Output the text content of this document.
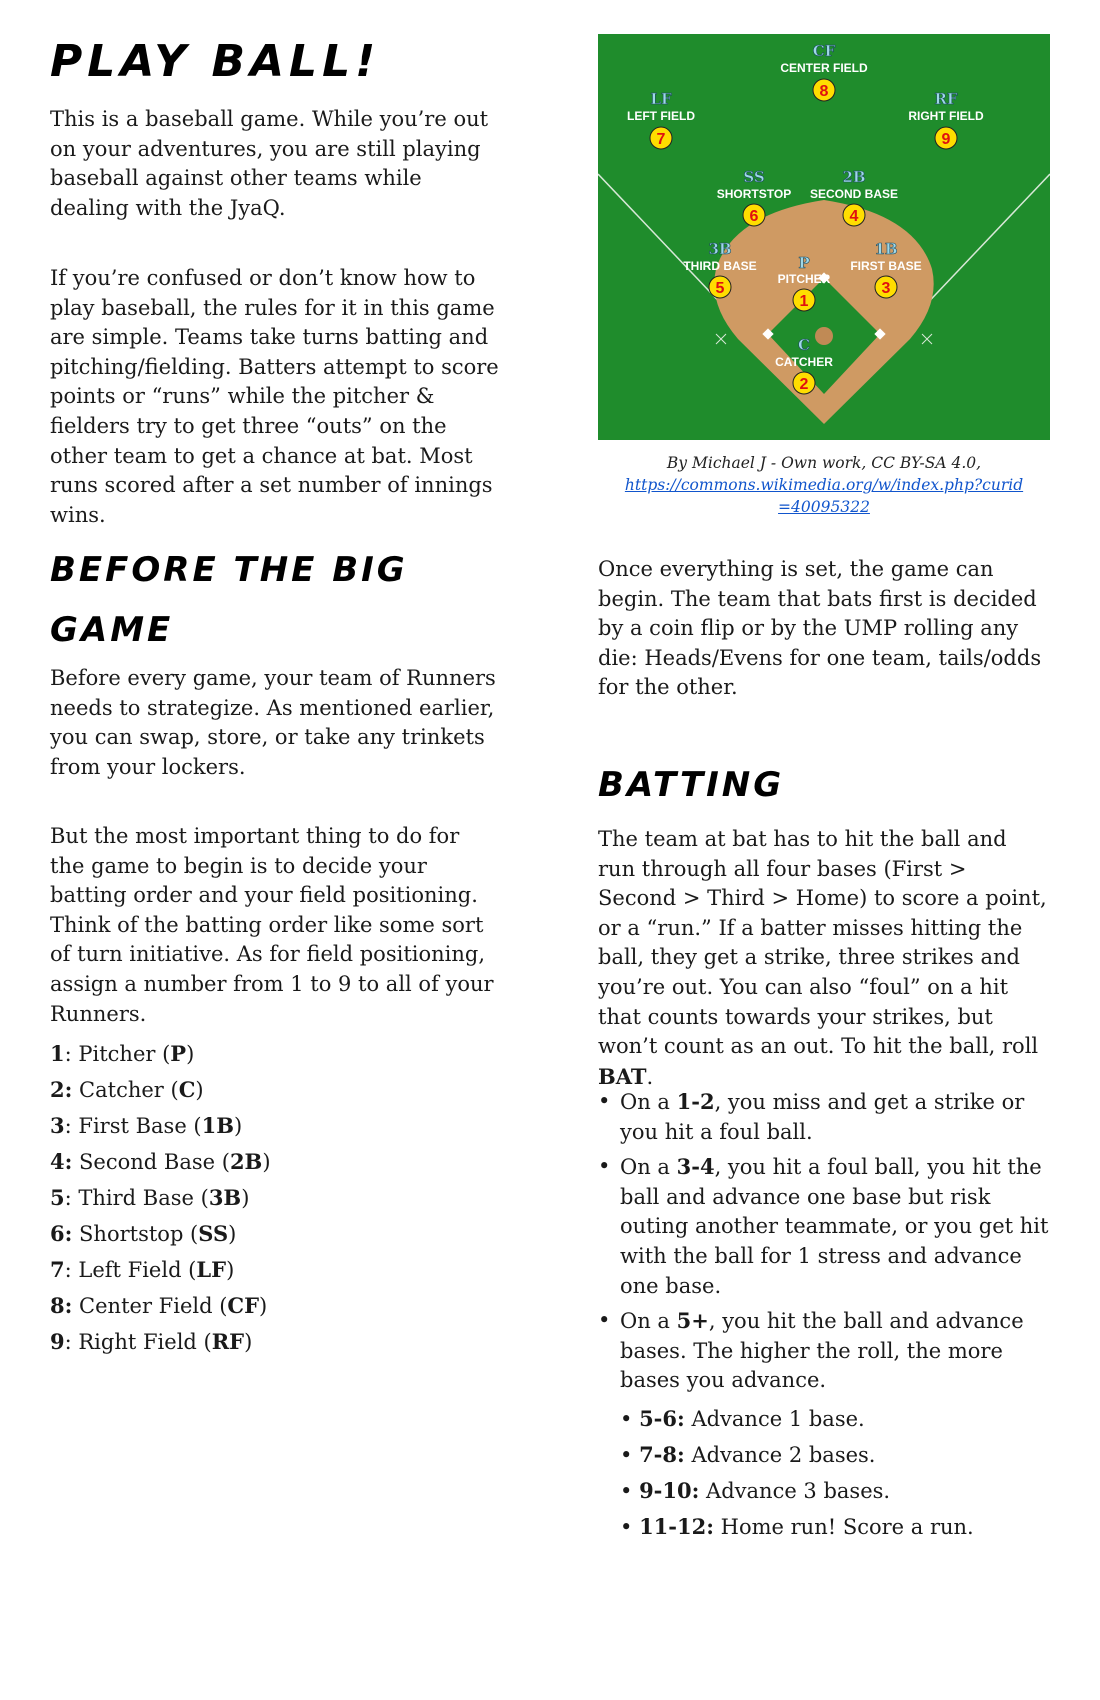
PLAY BALL!

This is a baseball game. While you’re out on your adventures, you are still playing baseball against other teams while dealing with the JyaQ.

If you’re confused or don’t know how to play baseball, the rules for it in this game are simple. Teams take turns batting and pitching/fielding. Batters attempt to score points or “runs” while the pitcher & fielders try to get three “outs” on the other team to get a chance at bat. Most runs scored after a set number of innings wins.

BEFORE THE BIG GAME

Before every game, your team of Runners needs to strategize. As mentioned earlier, you can swap, store, or take any trinkets from your lockers.

But the most important thing to do for the game to begin is to decide your batting order and your field positioning. Think of the batting order like some sort of turn initiative. As for field positioning, assign a number from 1 to 9 to all of your Runners.

1: Pitcher (P)
2: Catcher (C)
3: First Base (1B)
4: Second Base (2B)
5: Third Base (3B)
6: Shortstop (SS)
7: Left Field (LF)
8: Center Field (CF)
9: Right Field (RF)
CF
CENTER FIELD
8
LF
LEFT FIELD
7
RF
RIGHT FIELD
9
SS
SHORTSTOP
6
2B
SECOND BASE
4
3B
THIRD BASE
5
P
PITCHER
1
1B
FIRST BASE
3
C
CATCHER
2
By Michael J - Own work, CC BY-SA 4.0,
https://commons.wikimedia.org/w/index.php?curid
=40095322

Once everything is set, the game can begin. The team that bats first is decided by a coin flip or by the UMP rolling any die: Heads/Evens for one team, tails/odds for the other.

BATTING

The team at bat has to hit the ball and run through all four bases (First > Second > Third > Home) to score a point, or a “run.” If a batter misses hitting the ball, they get a strike, three strikes and you’re out. You can also “foul” on a hit that counts towards your strikes, but won’t count as an out. To hit the ball, roll BAT.

• On a 1-2, you miss and get a strike or you hit a foul ball.
• On a 3-4, you hit a foul ball, you hit the ball and advance one base but risk outing another teammate, or you get hit with the ball for 1 stress and advance one base.
• On a 5+, you hit the ball and advance bases. The higher the roll, the more bases you advance.
• 5-6: Advance 1 base.
• 7-8: Advance 2 bases.
• 9-10: Advance 3 bases.
• 11-12: Home run! Score a run.
